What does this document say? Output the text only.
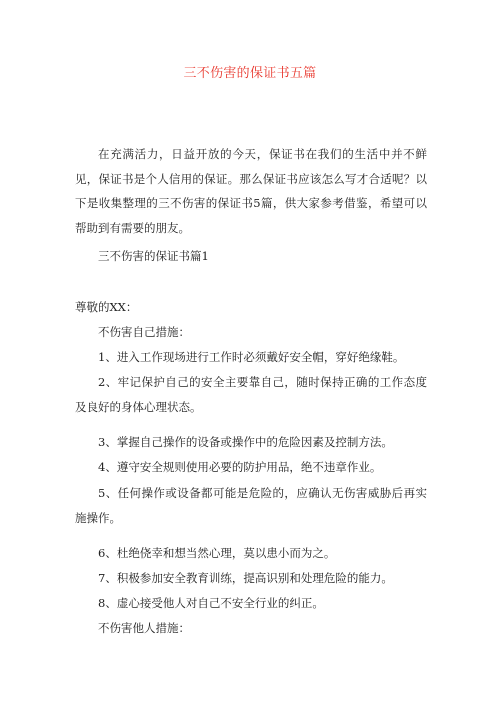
三不伤害的保证书五篇

在充满活力，日益开放的今天，保证书在我们的生活中并不鲜见，保证书是个人信用的保证。那么保证书应该怎么写才合适呢？以下是收集整理的三不伤害的保证书5篇，供大家参考借鉴，希望可以帮助到有需要的朋友。

三不伤害的保证书篇1
尊敬的XX：
不伤害自己措施：
1、进入工作现场进行工作时必须戴好安全帽，穿好绝缘鞋。

2、牢记保护自己的安全主要靠自己，随时保持正确的工作态度及良好的身体心理状态。

3、掌握自己操作的设备或操作中的危险因素及控制方法。
4、遵守安全规则使用必要的防护用品，绝不违章作业。

5、任何操作或设备都可能是危险的，应确认无伤害威胁后再实施操作。

6、杜绝侥幸和想当然心理，莫以患小而为之。
7、积极参加安全教育训练，提高识别和处理危险的能力。
8、虚心接受他人对自己不安全行业的纠正。
不伤害他人措施：
